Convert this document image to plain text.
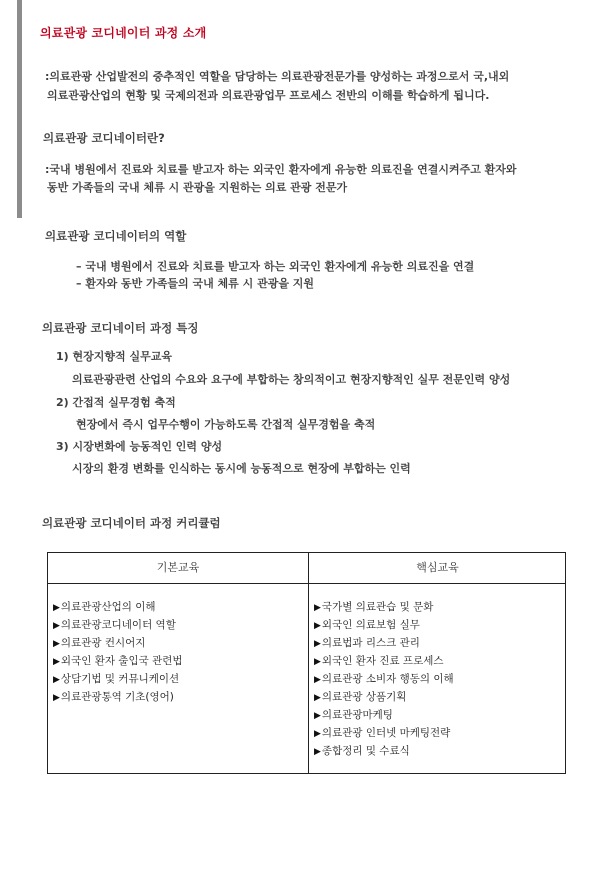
의료관광 코디네이터 과정 소개
:의료관광 산업발전의 중추적인 역할을 담당하는 의료관광전문가를 양성하는 과정으로서 국,내외
의료관광산업의 현황 및 국제의전과 의료관광업무 프로세스 전반의 이해를 학습하게 됩니다.
의료관광 코디네이터란?
:국내 병원에서 진료와 치료를 받고자 하는 외국인 환자에게 유능한 의료진을 연결시켜주고 환자와
동반 가족들의 국내 체류 시 관광을 지원하는 의료 관광 전문가
의료관광 코디네이터의 역할
– 국내 병원에서 진료와 치료를 받고자 하는 외국인 환자에게 유능한 의료진을 연결
– 환자와 동반 가족들의 국내 체류 시 관광을 지원
의료관광 코디네이터 과정 특징
1) 현장지향적 실무교육
의료관광관련 산업의 수요와 요구에 부합하는 창의적이고 현장지향적인 실무 전문인력 양성
2) 간접적 실무경험 축적
현장에서 즉시 업무수행이 가능하도록 간접적 실무경험을 축적
3) 시장변화에 능동적인 인력 양성
시장의 환경 변화를 인식하는 동시에 능동적으로 현장에 부합하는 인력
의료관광 코디네이터 과정 커리큘럼
기본교육	핵심교육
▶의료관광산업의 이해
▶의료관광코디네이터 역할
▶의료관광 컨시어지
▶외국인 환자 출입국 관련법
▶상담기법 및 커뮤니케이션
▶의료관광통역 기초(영어)
▶국가별 의료관습 및 문화
▶외국인 의료보험 실무
▶의료법과 리스크 관리
▶외국인 환자 진료 프로세스
▶의료관광 소비자 행동의 이해
▶의료관광 상품기획
▶의료관광마케팅
▶의료관광 인터넷 마케팅전략
▶종합정리 및 수료식
